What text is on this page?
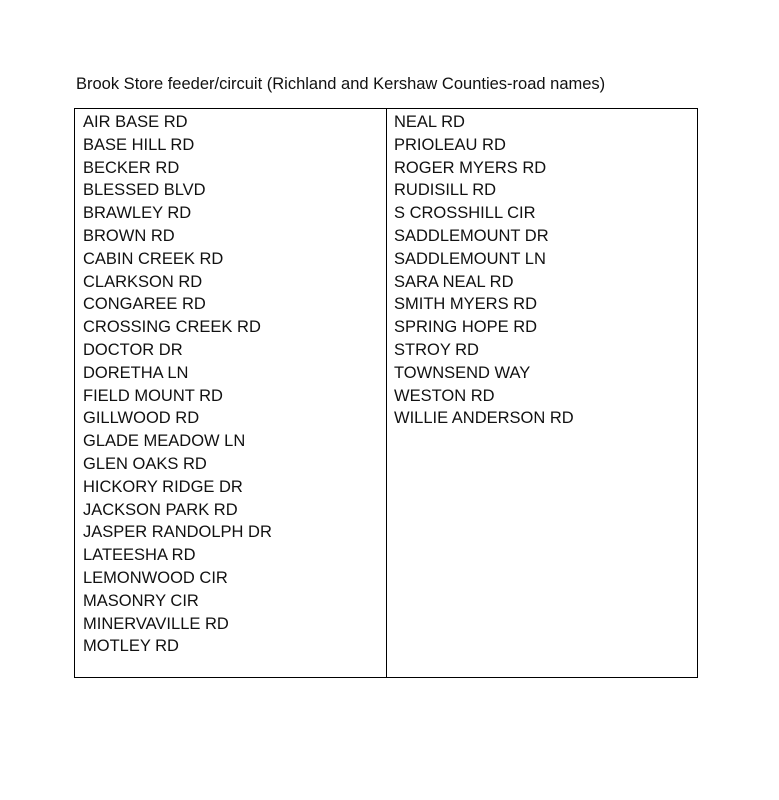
Brook Store feeder/circuit (Richland and Kershaw Counties-road names)
AIR BASE RD
BASE HILL RD
BECKER RD
BLESSED BLVD
BRAWLEY RD
BROWN RD
CABIN CREEK RD
CLARKSON RD
CONGAREE RD
CROSSING CREEK RD
DOCTOR DR
DORETHA LN
FIELD MOUNT RD
GILLWOOD RD
GLADE MEADOW LN
GLEN OAKS RD
HICKORY RIDGE DR
JACKSON PARK RD
JASPER RANDOLPH DR
LATEESHA RD
LEMONWOOD CIR
MASONRY CIR
MINERVAVILLE RD
MOTLEY RD
NEAL RD
PRIOLEAU RD
ROGER MYERS RD
RUDISILL RD
S CROSSHILL CIR
SADDLEMOUNT DR
SADDLEMOUNT LN
SARA NEAL RD
SMITH MYERS RD
SPRING HOPE RD
STROY RD
TOWNSEND WAY
WESTON RD
WILLIE ANDERSON RD
